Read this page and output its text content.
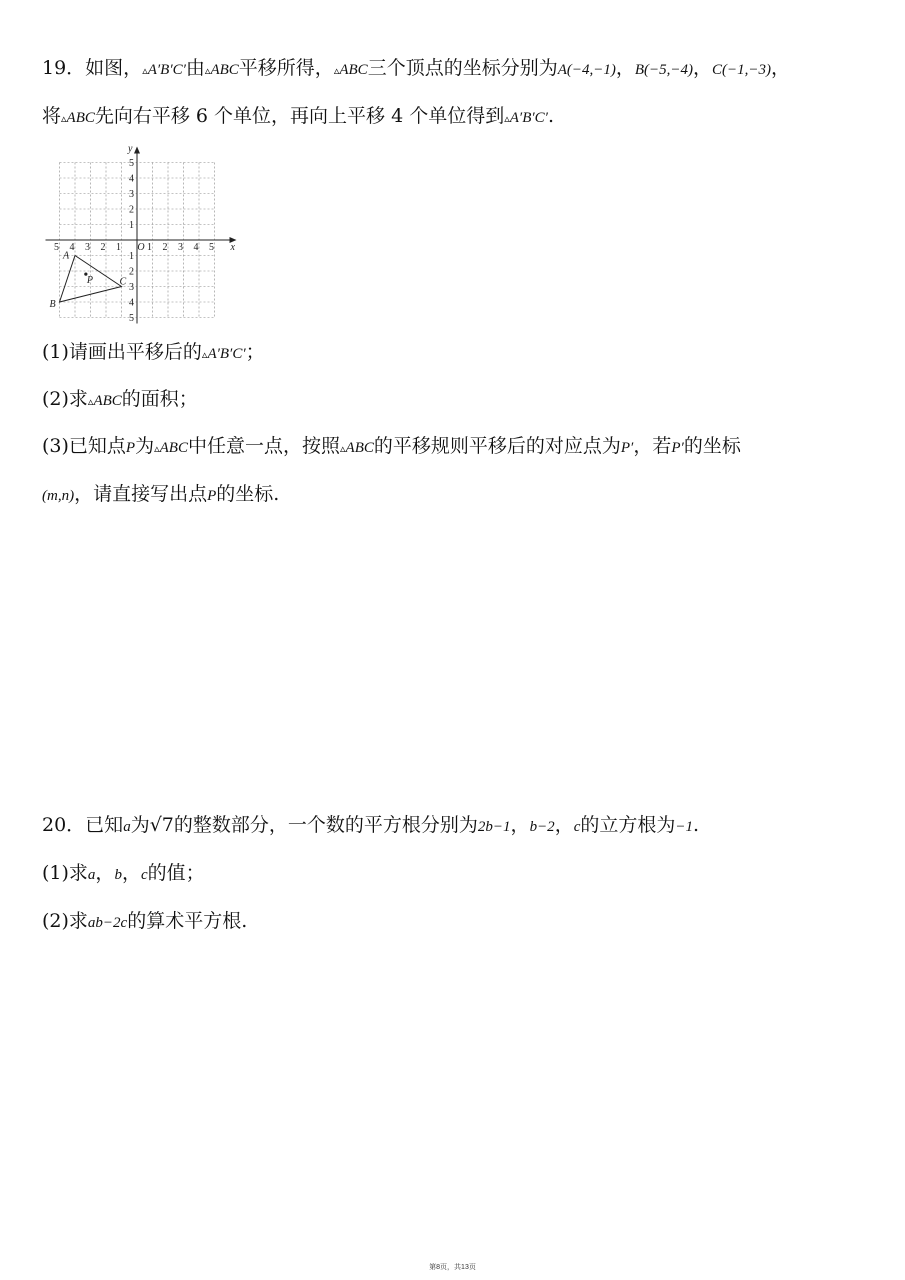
19．如图，▵A′B′C′由▵ABC平移所得，▵ABC三个顶点的坐标分别为A(−4,−1)，B(−5,−4)，C(−1,−3)，
将▵ABC先向右平移 6 个单位，再向上平移 4 个单位得到▵A′B′C′.
5 4 3 2 1 O 1 2 3 4 5
5
4
3
2
1
1
2
3
4
5
x
y
A
B
C
P
(1)请画出平移后的▵A′B′C′；
(2)求▵ABC的面积；
(3)已知点P为▵ABC中任意一点，按照▵ABC的平移规则平移后的对应点为P′，若P′的坐标
(m,n)，请直接写出点P的坐标.
20．已知a为√7的整数部分，一个数的平方根分别为2b−1，b−2，c的立方根为−1.
(1)求a，b，c的值；
(2)求ab−2c的算术平方根.
第8页，共13页
